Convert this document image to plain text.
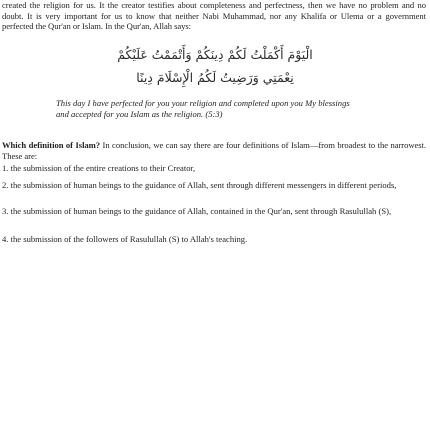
created the religion for us. It the creator testifies about completeness and perfectness, then we have no problem and no doubt. It is very important for us to know that neither Nabi Muhammad, nor any Khalifa or Ulema or a government perfected the Qur'an or Islam. In the Qur'an, Allah says:

الْيَوْمَ أَكْمَلْتُ لَكُمْ دِينَكُمْ وَأَتْمَمْتُ عَلَيْكُمْ

نِعْمَتِي وَرَضِيتُ لَكُمُ الْإِسْلَامَ دِينًا

This day I have perfected for you your religion and completed upon you My blessings and accepted for you Islam as the religion. (5:3)

Which definition of Islam? In conclusion, we can say there are four definitions of Islam—from broadest to the narrowest. These are:

1. the submission of the entire creations to their Creator,

2. the submission of human beings to the guidance of Allah, sent through different messengers in different periods,

3. the submission of human beings to the guidance of Allah, contained in the Qur'an, sent through Rasulullah (S),

4. the submission of the followers of Rasulullah (S) to Allah's teaching.
